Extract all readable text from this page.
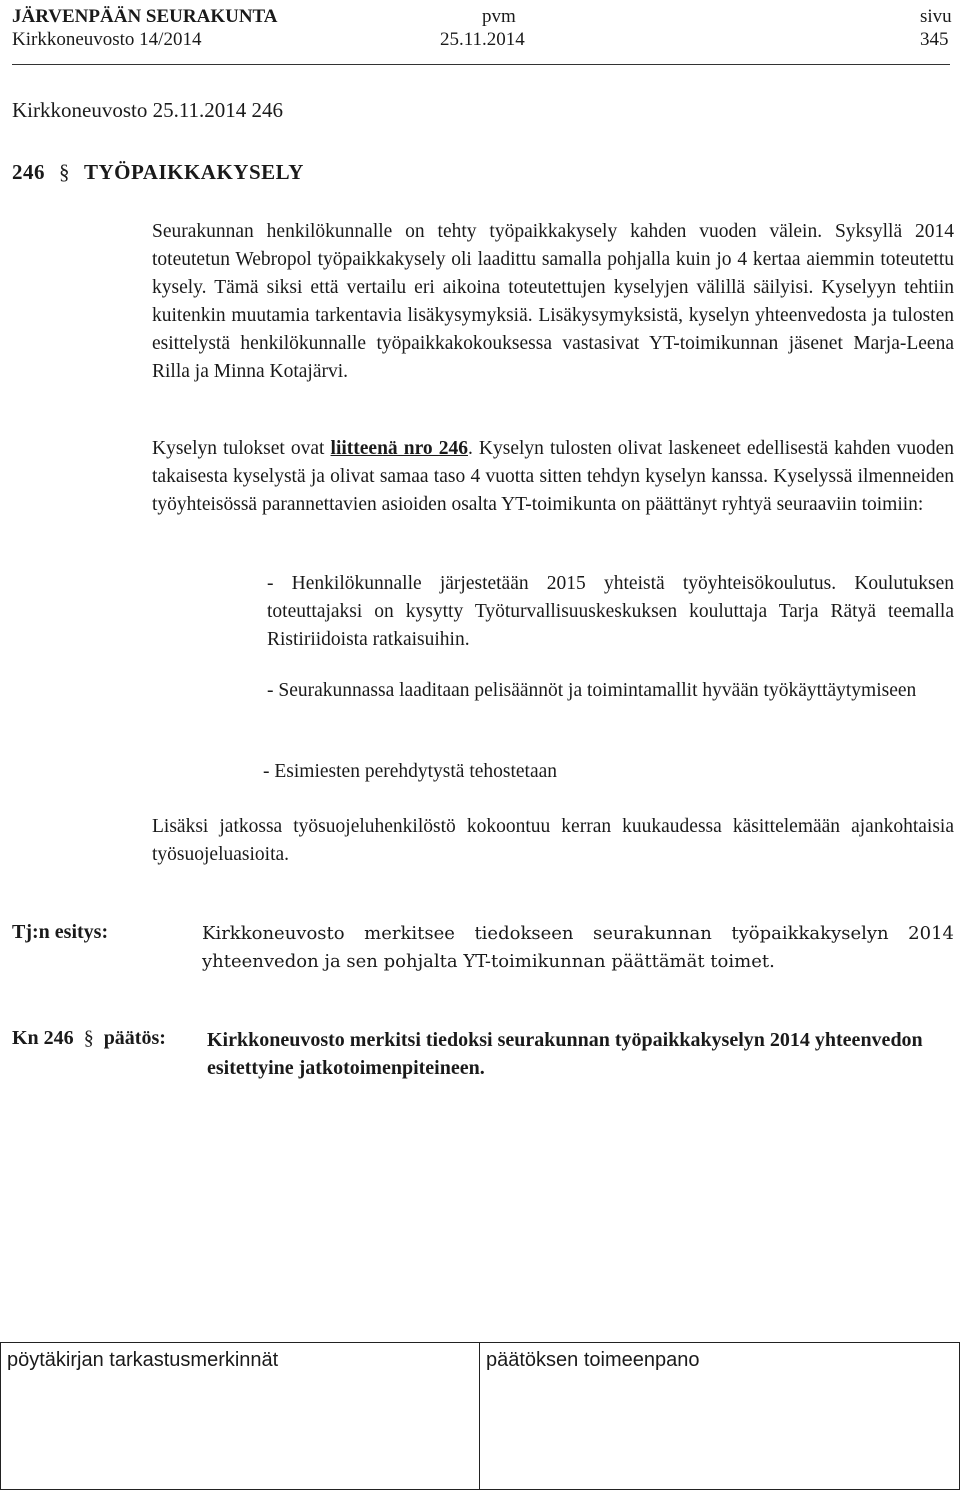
JÄRVENPÄÄN SEURAKUNTA	pvm	sivu
Kirkkoneuvosto 14/2014	25.11.2014	345
Kirkkoneuvosto 25.11.2014 246
246 § TYÖPAIKKAKYSELY

Seurakunnan henkilökunnalle on tehty työpaikkakysely kahden vuoden välein. Syksyllä 2014 toteutetun Webropol työpaikkakysely oli laadittu samalla pohjalla kuin jo 4 kertaa aiemmin toteutettu kysely. Tämä siksi että vertailu eri aikoina toteutettujen kyselyjen välillä säilyisi. Kyselyyn tehtiin kuitenkin muutamia tarkentavia lisäkysymyksiä. Lisäkysymyksistä, kyselyn yhteenvedosta ja tulosten esittelystä henkilökunnalle työpaikkakokouksessa vastasivat YT-toimikunnan jäsenet Marja-Leena Rilla ja Minna Kotajärvi.

Kyselyn tulokset ovat liitteenä nro 246. Kyselyn tulosten olivat laskeneet edellisestä kahden vuoden takaisesta kyselystä ja olivat samaa taso 4 vuotta sitten tehdyn kyselyn kanssa. Kyselyssä ilmenneiden työyhteisössä parannettavien asioiden osalta YT-toimikunta on päättänyt ryhtyä seuraaviin toimiin:

- Henkilökunnalle järjestetään 2015 yhteistä työyhteisökoulutus. Koulutuksen toteuttajaksi on kysytty Työturvallisuuskeskuksen kouluttaja Tarja Rätyä teemalla Ristiriidoista ratkaisuihin.
- Seurakunnassa laaditaan pelisäännöt ja toimintamallit hyvään työkäyttäytymiseen
- Esimiesten perehdytystä tehostetaan

Lisäksi jatkossa työsuojeluhenkilöstö kokoontuu kerran kuukaudessa käsittelemään ajankohtaisia työsuojeluasioita.

Tj:n esitys:	Kirkkoneuvosto merkitsee tiedokseen seurakunnan työpaikkakyselyn 2014 yhteenvedon ja sen pohjalta YT-toimikunnan päättämät toimet.
Kn 246 § päätös: Kirkkoneuvosto merkitsi tiedoksi seurakunnan työpaikkakyselyn 2014 yhteenvedon esitettyine jatkotoimenpiteineen.
pöytäkirjan tarkastusmerkinnät	päätöksen toimeenpano
